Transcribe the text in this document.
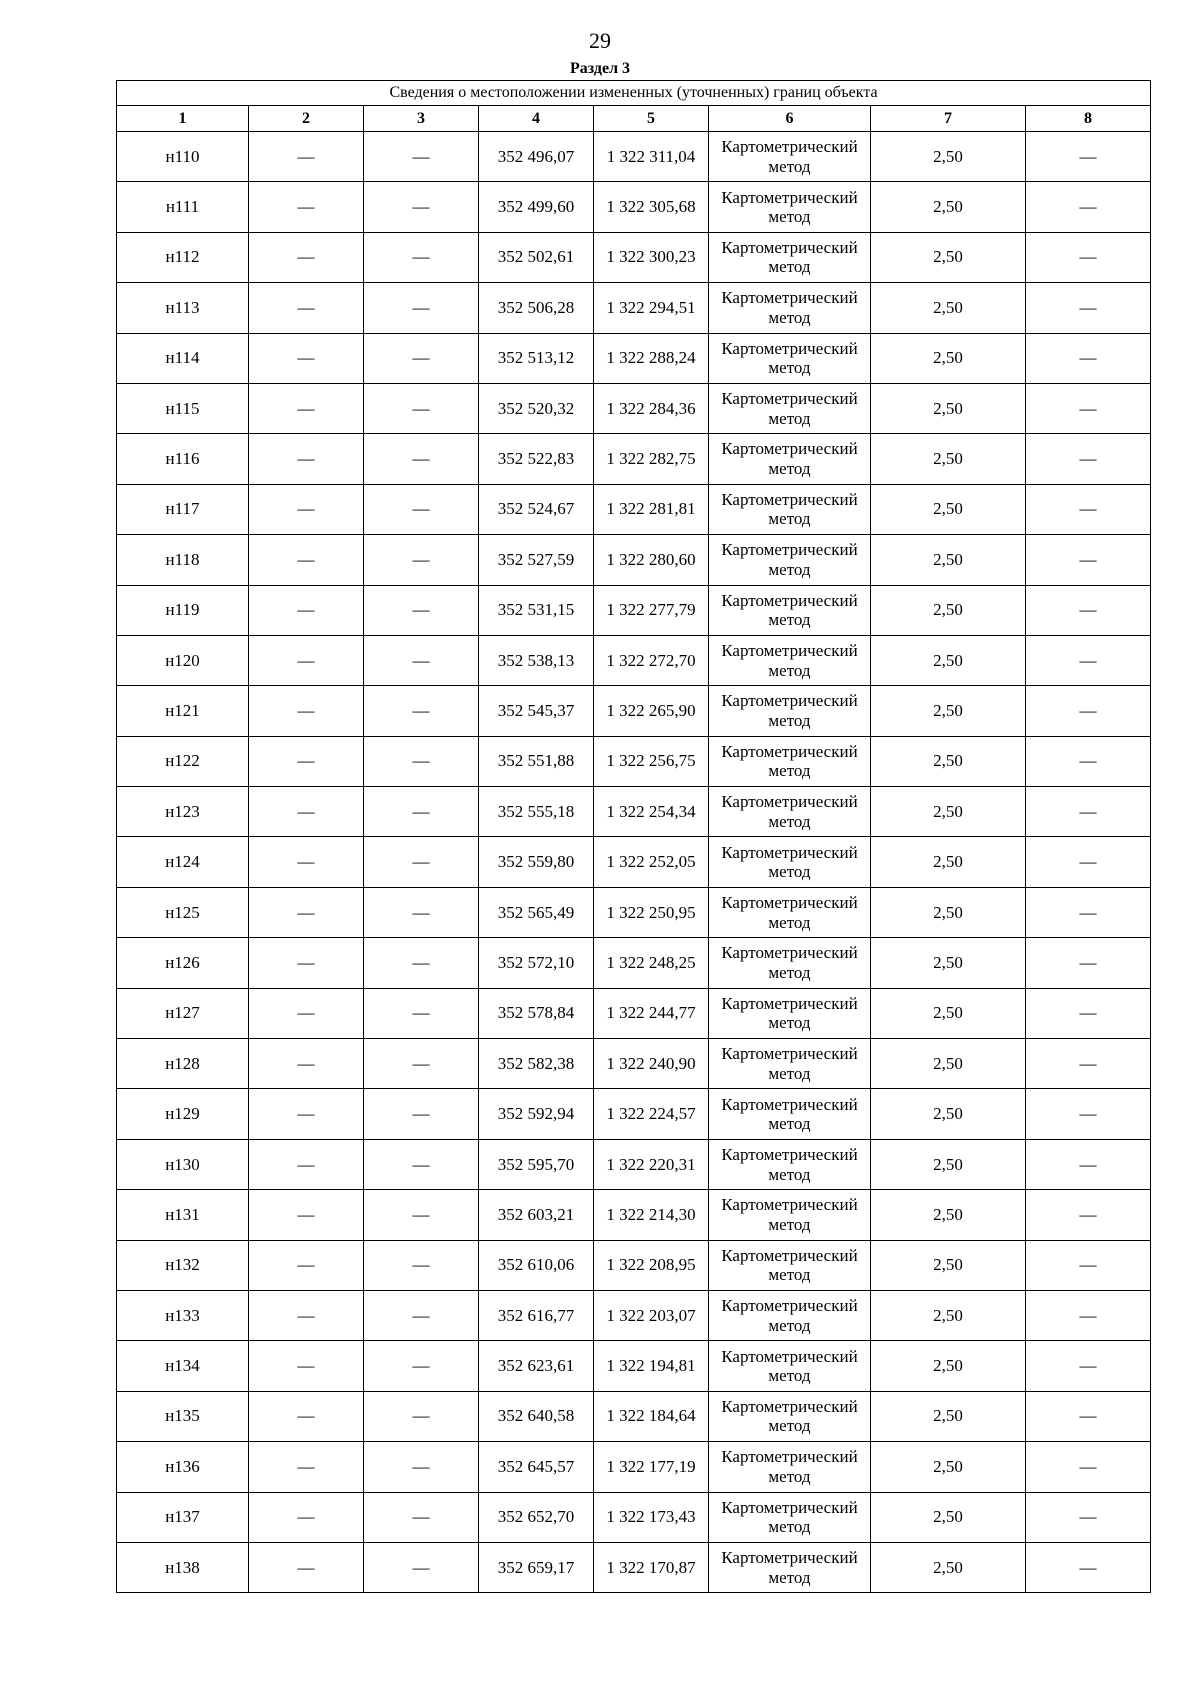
29
Раздел 3
Сведения о местоположении измененных (уточненных) границ объекта							
1	2	3	4	5	6	7	8
н110	—	—	352 496,07	1 322 311,04	Картометрический метод	2,50	—
н111	—	—	352 499,60	1 322 305,68	Картометрический метод	2,50	—
н112	—	—	352 502,61	1 322 300,23	Картометрический метод	2,50	—
н113	—	—	352 506,28	1 322 294,51	Картометрический метод	2,50	—
н114	—	—	352 513,12	1 322 288,24	Картометрический метод	2,50	—
н115	—	—	352 520,32	1 322 284,36	Картометрический метод	2,50	—
н116	—	—	352 522,83	1 322 282,75	Картометрический метод	2,50	—
н117	—	—	352 524,67	1 322 281,81	Картометрический метод	2,50	—
н118	—	—	352 527,59	1 322 280,60	Картометрический метод	2,50	—
н119	—	—	352 531,15	1 322 277,79	Картометрический метод	2,50	—
н120	—	—	352 538,13	1 322 272,70	Картометрический метод	2,50	—
н121	—	—	352 545,37	1 322 265,90	Картометрический метод	2,50	—
н122	—	—	352 551,88	1 322 256,75	Картометрический метод	2,50	—
н123	—	—	352 555,18	1 322 254,34	Картометрический метод	2,50	—
н124	—	—	352 559,80	1 322 252,05	Картометрический метод	2,50	—
н125	—	—	352 565,49	1 322 250,95	Картометрический метод	2,50	—
н126	—	—	352 572,10	1 322 248,25	Картометрический метод	2,50	—
н127	—	—	352 578,84	1 322 244,77	Картометрический метод	2,50	—
н128	—	—	352 582,38	1 322 240,90	Картометрический метод	2,50	—
н129	—	—	352 592,94	1 322 224,57	Картометрический метод	2,50	—
н130	—	—	352 595,70	1 322 220,31	Картометрический метод	2,50	—
н131	—	—	352 603,21	1 322 214,30	Картометрический метод	2,50	—
н132	—	—	352 610,06	1 322 208,95	Картометрический метод	2,50	—
н133	—	—	352 616,77	1 322 203,07	Картометрический метод	2,50	—
н134	—	—	352 623,61	1 322 194,81	Картометрический метод	2,50	—
н135	—	—	352 640,58	1 322 184,64	Картометрический метод	2,50	—
н136	—	—	352 645,57	1 322 177,19	Картометрический метод	2,50	—
н137	—	—	352 652,70	1 322 173,43	Картометрический метод	2,50	—
н138	—	—	352 659,17	1 322 170,87	Картометрический метод	2,50	—
